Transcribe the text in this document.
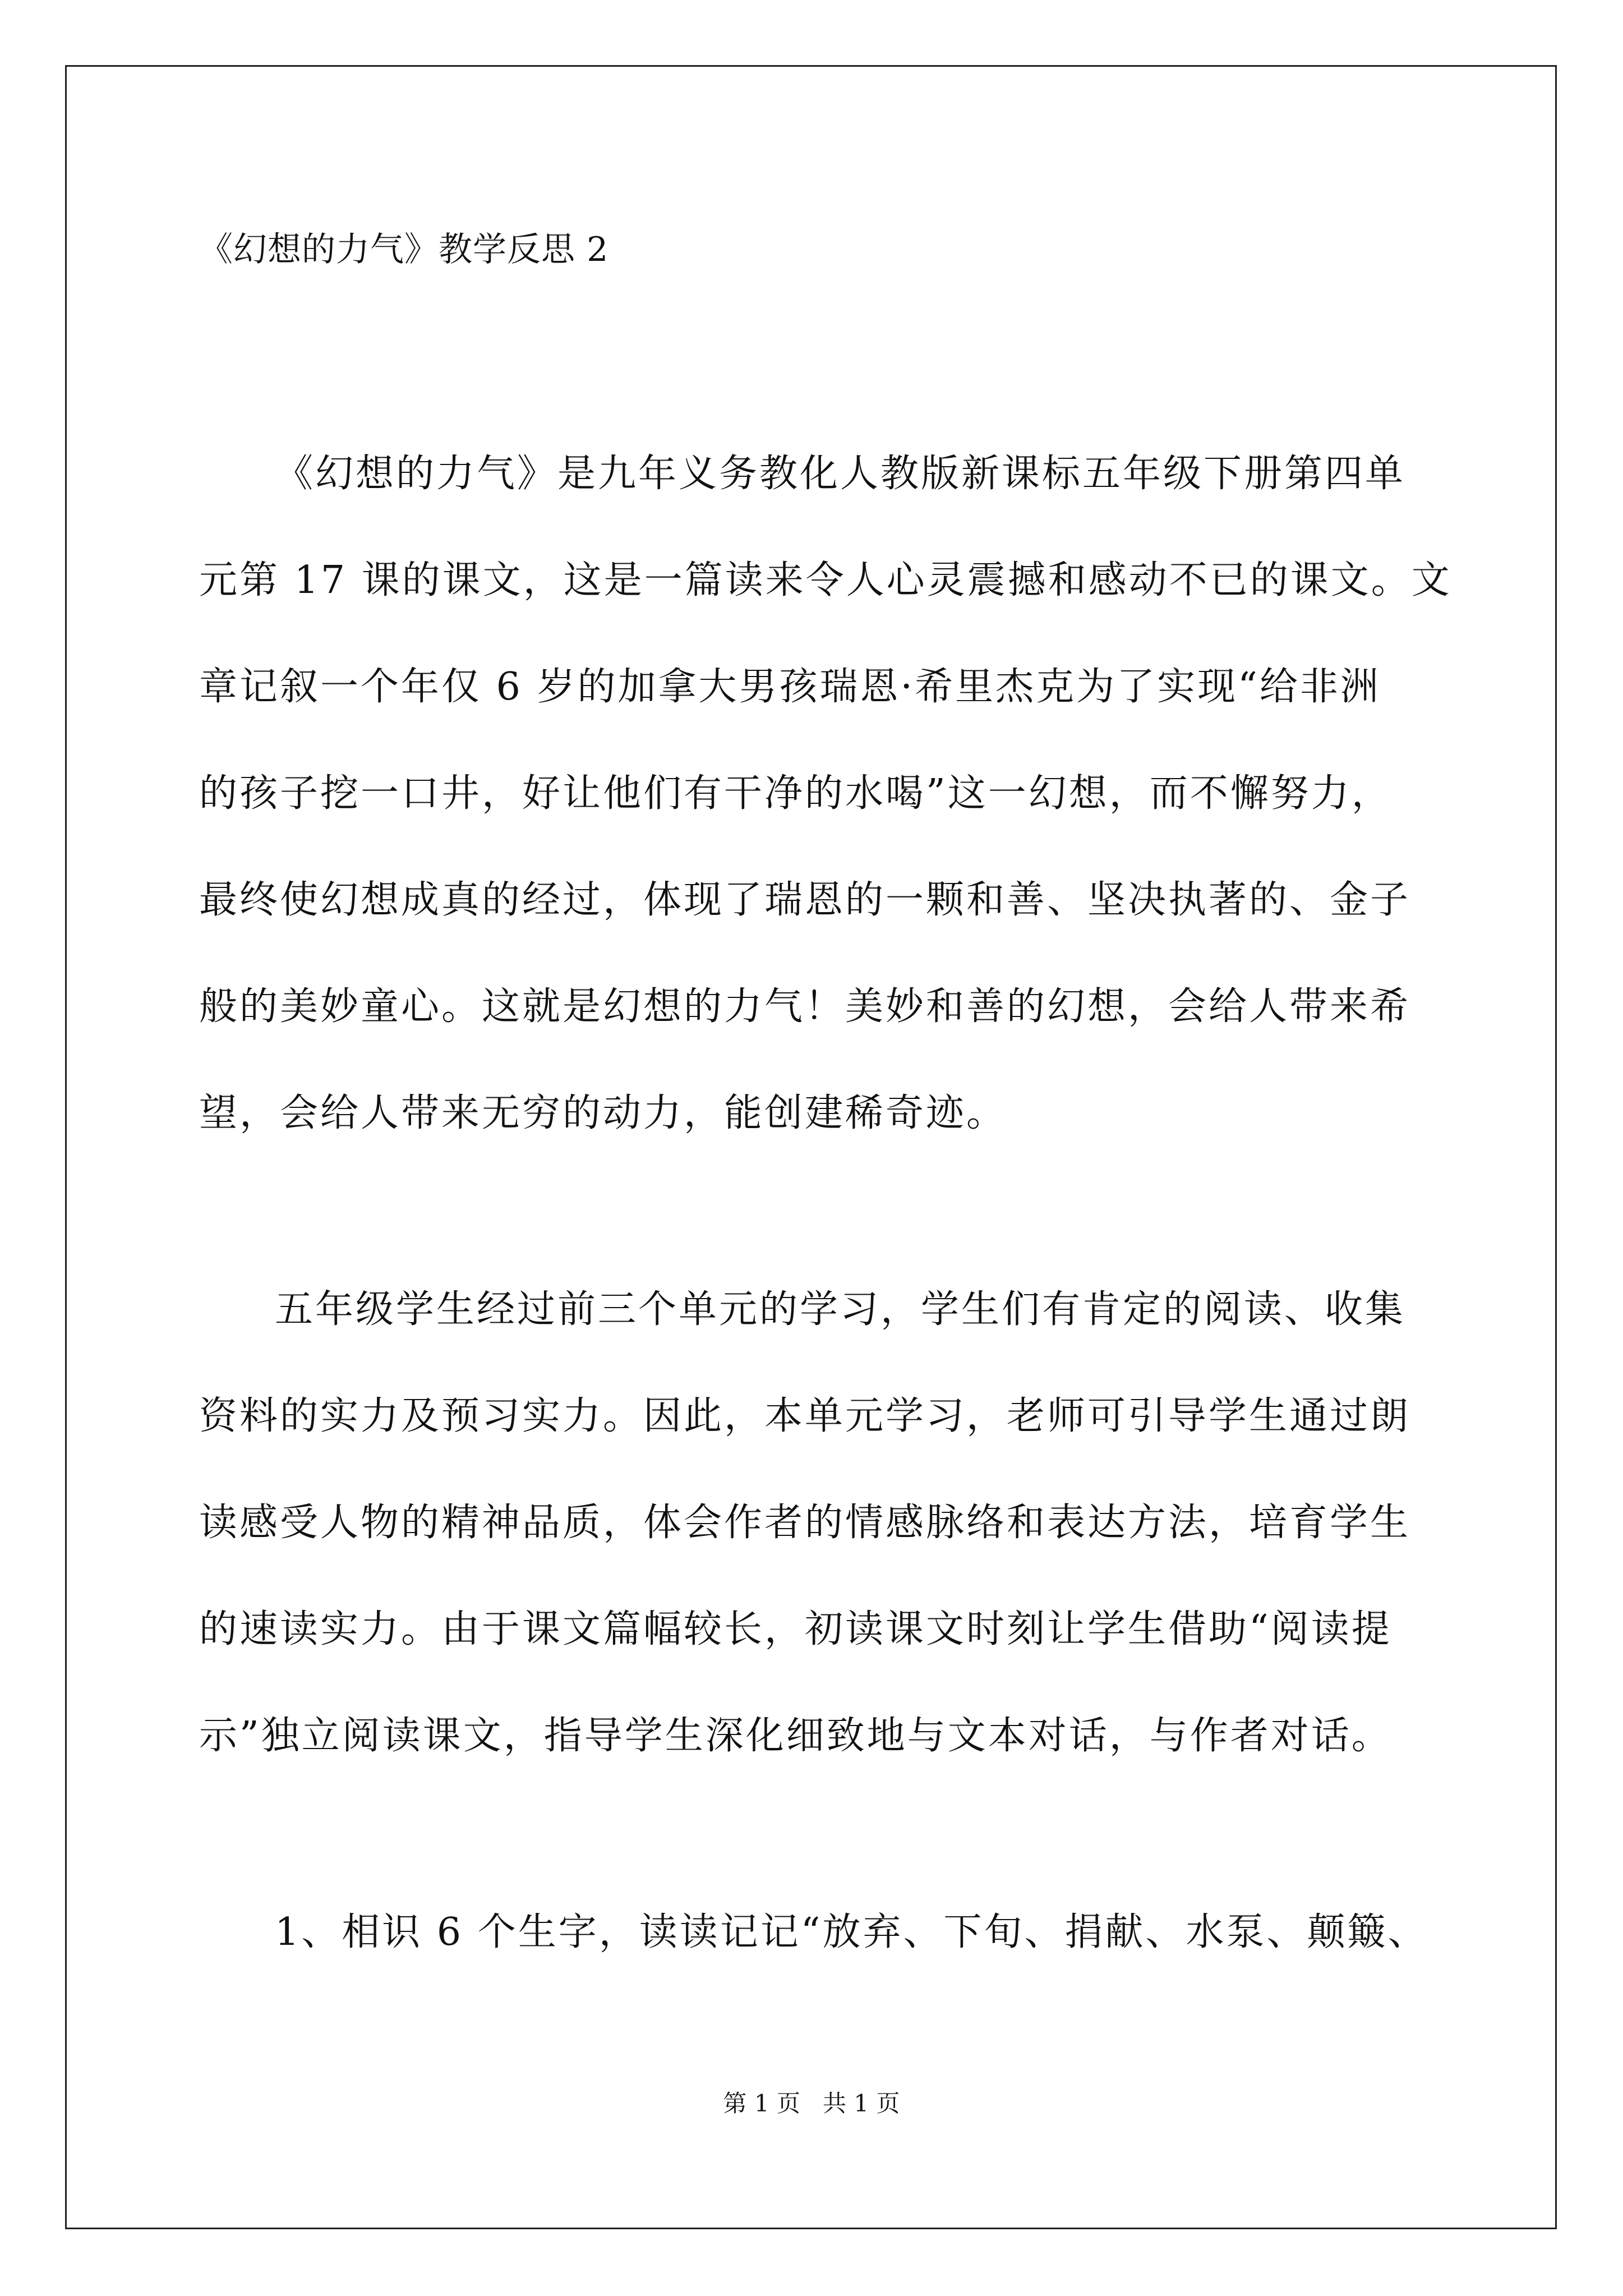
《幻想的力气》教学反思 2
《幻想的力气》是九年义务教化人教版新课标五年级下册第四单
元第 17 课的课文，这是一篇读来令人心灵震撼和感动不已的课文。文
章记叙一个年仅 6 岁的加拿大男孩瑞恩·希里杰克为了实现“给非洲
的孩子挖一口井，好让他们有干净的水喝”这一幻想，而不懈努力，
最终使幻想成真的经过，体现了瑞恩的一颗和善、坚决执著的、金子
般的美妙童心。这就是幻想的力气！美妙和善的幻想，会给人带来希
望，会给人带来无穷的动力，能创建稀奇迹。
五年级学生经过前三个单元的学习，学生们有肯定的阅读、收集
资料的实力及预习实力。因此，本单元学习，老师可引导学生通过朗
读感受人物的精神品质，体会作者的情感脉络和表达方法，培育学生
的速读实力。由于课文篇幅较长，初读课文时刻让学生借助“阅读提
示”独立阅读课文，指导学生深化细致地与文本对话，与作者对话。
1、相识 6 个生字，读读记记“放弃、下旬、捐献、水泵、颠簸、
第 1 页   共 1 页
